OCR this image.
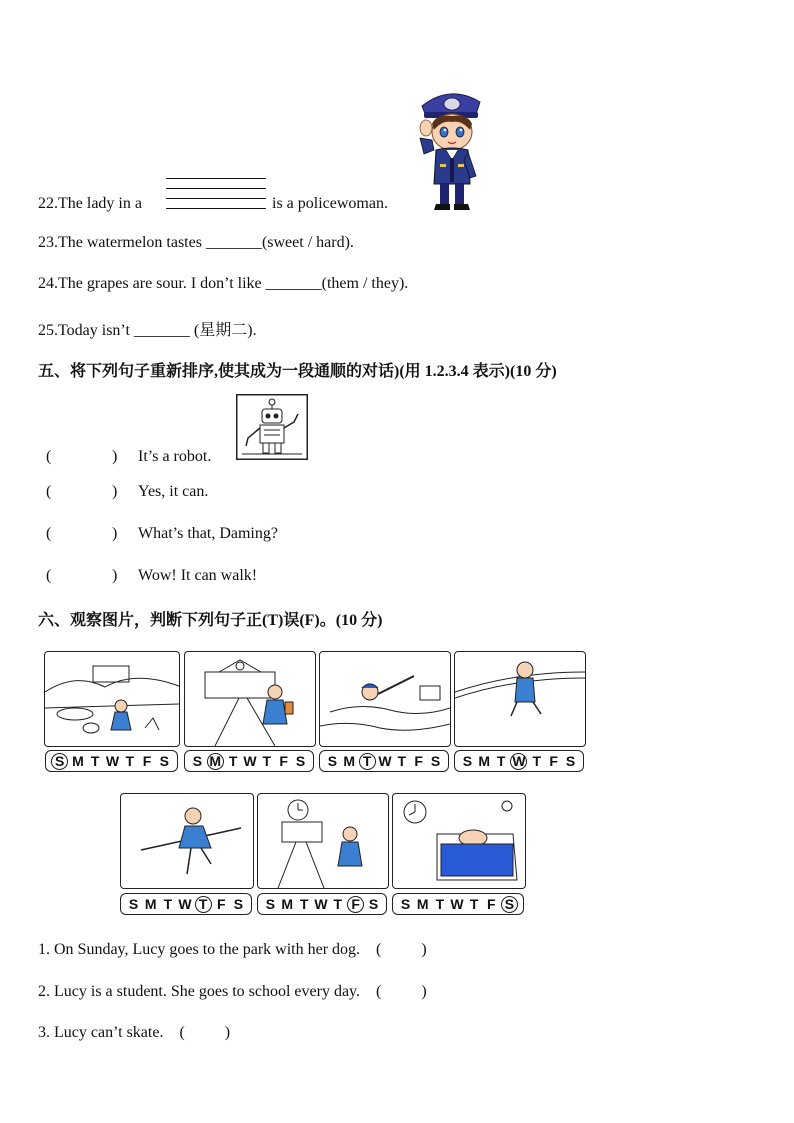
22.The lady in a	is a policewoman.
23.The watermelon tastes _______(sweet / hard).
24.The grapes are sour. I don’t like _______(them / they).
25.Today isn’t _______ (星期二).
五、将下列句子重新排序,使其成为一段通顺的对话)(用 1.2.3.4 表示)(10 分)
(	) It’s a robot.
(	) Yes, it can.
(	) What’s that, Daming?
(	) Wow! It can walk!
六、观察图片，判断下列句子正(T)误(F)。(10 分)
S M T W T F S S M T W T F S S M T W T F S S M T W T F S
S M T W T F S S M T W T F S S M T W T F S
1. On Sunday, Lucy goes to the park with her dog. (          )
2. Lucy is a student. She goes to school every day. (          )
3. Lucy can’t skate. (          )
